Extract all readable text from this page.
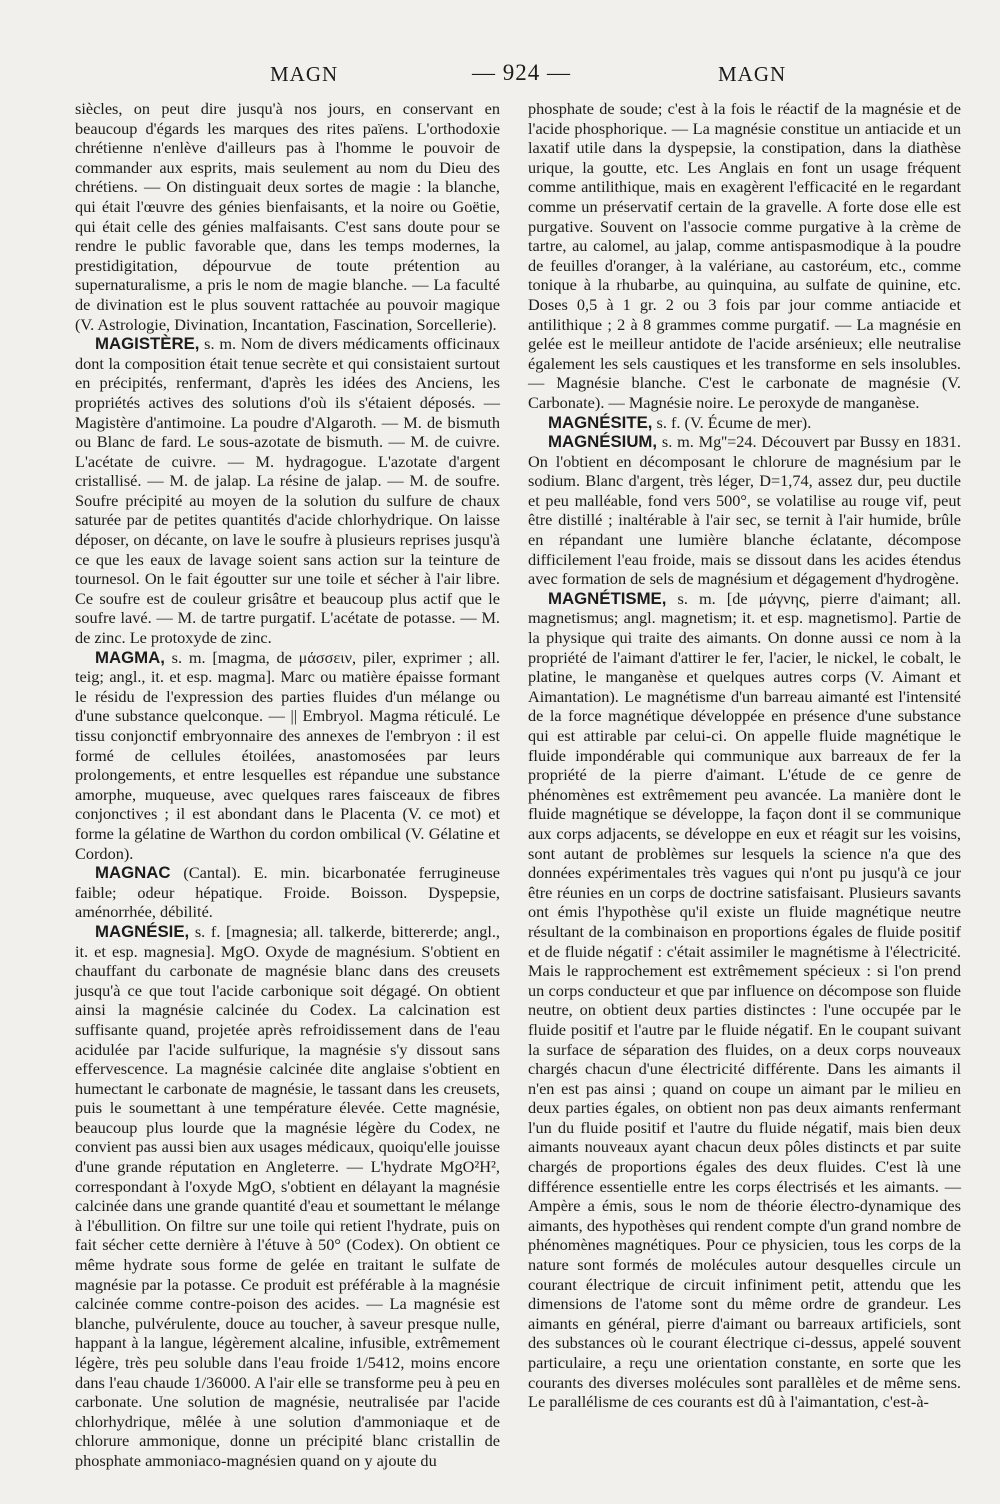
MAGN	— 924 —	MAGN

siècles, on peut dire jusqu'à nos jours, en conservant en beaucoup d'égards les marques des rites païens. L'orthodoxie chrétienne n'enlève d'ailleurs pas à l'homme le pouvoir de commander aux esprits, mais seulement au nom du Dieu des chrétiens. — On distinguait deux sortes de magie : la blanche, qui était l'œuvre des génies bienfaisants, et la noire ou Goëtie, qui était celle des génies malfaisants. C'est sans doute pour se rendre le public favorable que, dans les temps modernes, la prestidigitation, dépourvue de toute prétention au supernaturalisme, a pris le nom de magie blanche. — La faculté de divination est le plus souvent rattachée au pouvoir magique (V. Astrologie, Divination, Incantation, Fascination, Sorcellerie).

MAGISTÈRE, s. m. Nom de divers médicaments officinaux dont la composition était tenue secrète et qui consistaient surtout en précipités, renfermant, d'après les idées des Anciens, les propriétés actives des solutions d'où ils s'étaient déposés. — Magistère d'antimoine. La poudre d'Algaroth. — M. de bismuth ou Blanc de fard. Le sous-azotate de bismuth. — M. de cuivre. L'acétate de cuivre. — M. hydragogue. L'azotate d'argent cristallisé. — M. de jalap. La résine de jalap. — M. de soufre. Soufre précipité au moyen de la solution du sulfure de chaux saturée par de petites quantités d'acide chlorhydrique. On laisse déposer, on décante, on lave le soufre à plusieurs reprises jusqu'à ce que les eaux de lavage soient sans action sur la teinture de tournesol. On le fait égoutter sur une toile et sécher à l'air libre. Ce soufre est de couleur grisâtre et beaucoup plus actif que le soufre lavé. — M. de tartre purgatif. L'acétate de potasse. — M. de zinc. Le protoxyde de zinc.

MAGMA, s. m. [magma, de μάσσειν, piler, exprimer ; all. teig; angl., it. et esp. magma]. Marc ou matière épaisse formant le résidu de l'expression des parties fluides d'un mélange ou d'une substance quelconque. — || Embryol. Magma réticulé. Le tissu conjonctif embryonnaire des annexes de l'embryon : il est formé de cellules étoilées, anastomosées par leurs prolongements, et entre lesquelles est répandue une substance amorphe, muqueuse, avec quelques rares faisceaux de fibres conjonctives ; il est abondant dans le Placenta (V. ce mot) et forme la gélatine de Warthon du cordon ombilical (V. Gélatine et Cordon).

MAGNAC (Cantal). E. min. bicarbonatée ferrugineuse faible; odeur hépatique. Froide. Boisson. Dyspepsie, aménorrhée, débilité.

MAGNÉSIE, s. f. [magnesia; all. talkerde, bittererde; angl., it. et esp. magnesia]. MgO. Oxyde de magnésium. S'obtient en chauffant du carbonate de magnésie blanc dans des creusets jusqu'à ce que tout l'acide carbonique soit dégagé. On obtient ainsi la magnésie calcinée du Codex. La calcination est suffisante quand, projetée après refroidissement dans de l'eau acidulée par l'acide sulfurique, la magnésie s'y dissout sans effervescence. La magnésie calcinée dite anglaise s'obtient en humectant le carbonate de magnésie, le tassant dans les creusets, puis le soumettant à une température élevée. Cette magnésie, beaucoup plus lourde que la magnésie légère du Codex, ne convient pas aussi bien aux usages médicaux, quoiqu'elle jouisse d'une grande réputation en Angleterre. — L'hydrate MgO²H², correspondant à l'oxyde MgO, s'obtient en délayant la magnésie calcinée dans une grande quantité d'eau et soumettant le mélange à l'ébullition. On filtre sur une toile qui retient l'hydrate, puis on fait sécher cette dernière à l'étuve à 50° (Codex). On obtient ce même hydrate sous forme de gelée en traitant le sulfate de magnésie par la potasse. Ce produit est préférable à la magnésie calcinée comme contre-poison des acides. — La magnésie est blanche, pulvérulente, douce au toucher, à saveur presque nulle, happant à la langue, légèrement alcaline, infusible, extrêmement légère, très peu soluble dans l'eau froide 1/5412, moins encore dans l'eau chaude 1/36000. A l'air elle se transforme peu à peu en carbonate. Une solution de magnésie, neutralisée par l'acide chlorhydrique, mêlée à une solution d'ammoniaque et de chlorure ammonique, donne un précipité blanc cristallin de phosphate ammoniaco-magnésien quand on y ajoute du

phosphate de soude; c'est à la fois le réactif de la magnésie et de l'acide phosphorique. — La magnésie constitue un antiacide et un laxatif utile dans la dyspepsie, la constipation, dans la diathèse urique, la goutte, etc. Les Anglais en font un usage fréquent comme antilithique, mais en exagèrent l'efficacité en le regardant comme un préservatif certain de la gravelle. A forte dose elle est purgative. Souvent on l'associe comme purgative à la crème de tartre, au calomel, au jalap, comme antispasmodique à la poudre de feuilles d'oranger, à la valériane, au castoréum, etc., comme tonique à la rhubarbe, au quinquina, au sulfate de quinine, etc. Doses 0,5 à 1 gr. 2 ou 3 fois par jour comme antiacide et antilithique ; 2 à 8 grammes comme purgatif. — La magnésie en gelée est le meilleur antidote de l'acide arsénieux; elle neutralise également les sels caustiques et les transforme en sels insolubles. — Magnésie blanche. C'est le carbonate de magnésie (V. Carbonate). — Magnésie noire. Le peroxyde de manganèse.

MAGNÉSITE, s. f. (V. Écume de mer).

MAGNÉSIUM, s. m. Mg''=24. Découvert par Bussy en 1831. On l'obtient en décomposant le chlorure de magnésium par le sodium. Blanc d'argent, très léger, D=1,74, assez dur, peu ductile et peu malléable, fond vers 500°, se volatilise au rouge vif, peut être distillé ; inaltérable à l'air sec, se ternit à l'air humide, brûle en répandant une lumière blanche éclatante, décompose difficilement l'eau froide, mais se dissout dans les acides étendus avec formation de sels de magnésium et dégagement d'hydrogène.

MAGNÉTISME, s. m. [de μάγνης, pierre d'aimant; all. magnetismus; angl. magnetism; it. et esp. magnetismo]. Partie de la physique qui traite des aimants. On donne aussi ce nom à la propriété de l'aimant d'attirer le fer, l'acier, le nickel, le cobalt, le platine, le manganèse et quelques autres corps (V. Aimant et Aimantation). Le magnétisme d'un barreau aimanté est l'intensité de la force magnétique développée en présence d'une substance qui est attirable par celui-ci. On appelle fluide magnétique le fluide impondérable qui communique aux barreaux de fer la propriété de la pierre d'aimant. L'étude de ce genre de phénomènes est extrêmement peu avancée. La manière dont le fluide magnétique se développe, la façon dont il se communique aux corps adjacents, se développe en eux et réagit sur les voisins, sont autant de problèmes sur lesquels la science n'a que des données expérimentales très vagues qui n'ont pu jusqu'à ce jour être réunies en un corps de doctrine satisfaisant. Plusieurs savants ont émis l'hypothèse qu'il existe un fluide magnétique neutre résultant de la combinaison en proportions égales de fluide positif et de fluide négatif : c'était assimiler le magnétisme à l'électricité. Mais le rapprochement est extrêmement spécieux : si l'on prend un corps conducteur et que par influence on décompose son fluide neutre, on obtient deux parties distinctes : l'une occupée par le fluide positif et l'autre par le fluide négatif. En le coupant suivant la surface de séparation des fluides, on a deux corps nouveaux chargés chacun d'une électricité différente. Dans les aimants il n'en est pas ainsi ; quand on coupe un aimant par le milieu en deux parties égales, on obtient non pas deux aimants renfermant l'un du fluide positif et l'autre du fluide négatif, mais bien deux aimants nouveaux ayant chacun deux pôles distincts et par suite chargés de proportions égales des deux fluides. C'est là une différence essentielle entre les corps électrisés et les aimants. — Ampère a émis, sous le nom de théorie électro-dynamique des aimants, des hypothèses qui rendent compte d'un grand nombre de phénomènes magnétiques. Pour ce physicien, tous les corps de la nature sont formés de molécules autour desquelles circule un courant électrique de circuit infiniment petit, attendu que les dimensions de l'atome sont du même ordre de grandeur. Les aimants en général, pierre d'aimant ou barreaux artificiels, sont des substances où le courant électrique ci-dessus, appelé souvent particulaire, a reçu une orientation constante, en sorte que les courants des diverses molécules sont parallèles et de même sens. Le parallélisme de ces courants est dû à l'aimantation, c'est-à-
